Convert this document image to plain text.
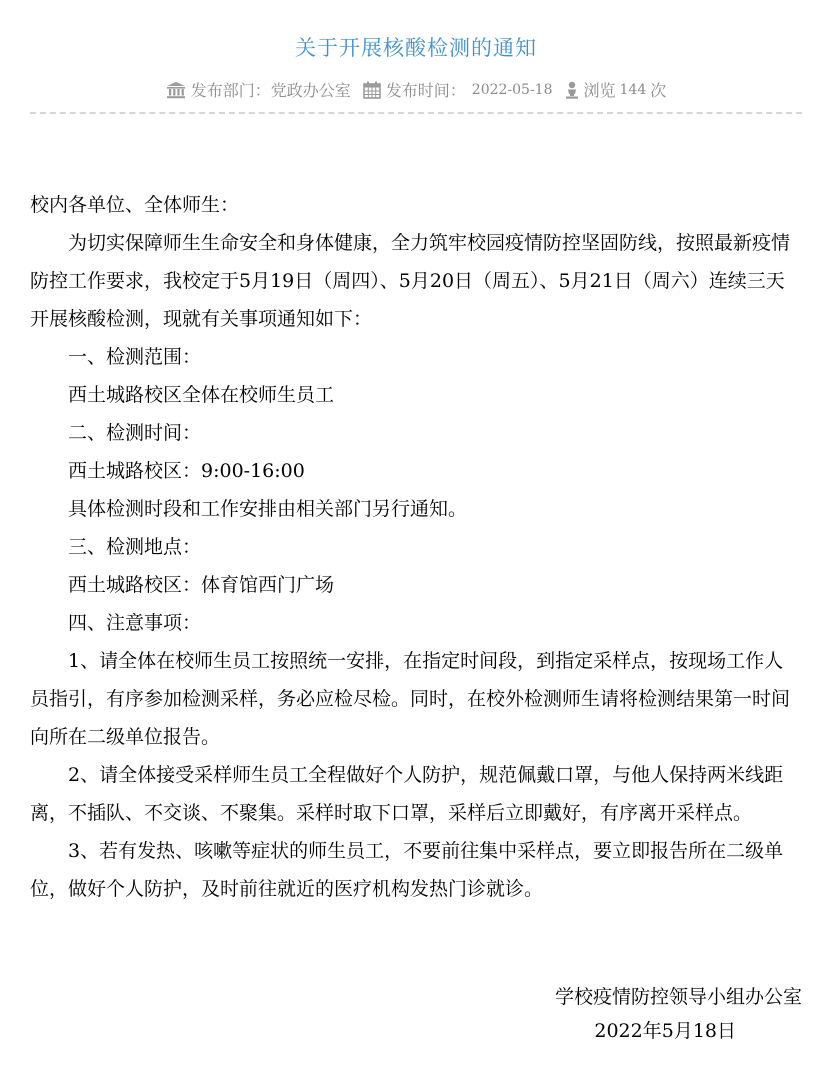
关于开展核酸检测的通知
发布部门： 党政办公室 发布时间： 2022-05-18 浏览 144 次

校内各单位、全体师生：

为切实保障师生生命安全和身体健康，全力筑牢校园疫情防控坚固防线，按照最新疫情防控工作要求，我校定于5月19日（周四）、5月20日（周五）、5月21日（周六）连续三天开展核酸检测，现就有关事项通知如下：

一、检测范围：

西土城路校区全体在校师生员工

二、检测时间：

西土城路校区：9:00-16:00

具体检测时段和工作安排由相关部门另行通知。

三、检测地点：

西土城路校区：体育馆西门广场

四、注意事项：

1、请全体在校师生员工按照统一安排，在指定时间段，到指定采样点，按现场工作人员指引，有序参加检测采样，务必应检尽检。同时，在校外检测师生请将检测结果第一时间向所在二级单位报告。

2、请全体接受采样师生员工全程做好个人防护，规范佩戴口罩，与他人保持两米线距离，不插队、不交谈、不聚集。采样时取下口罩，采样后立即戴好，有序离开采样点。

3、若有发热、咳嗽等症状的师生员工，不要前往集中采样点，要立即报告所在二级单位，做好个人防护，及时前往就近的医疗机构发热门诊就诊。

学校疫情防控领导小组办公室
2022年5月18日
